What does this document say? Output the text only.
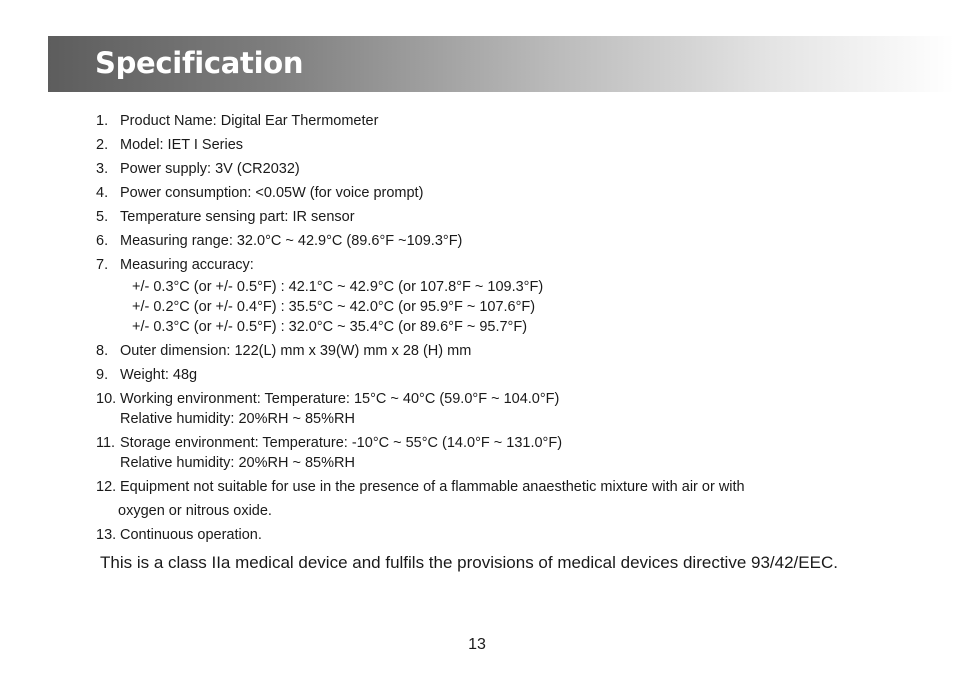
Specification
1. Product Name: Digital Ear Thermometer
2. Model: IET I Series
3. Power supply: 3V (CR2032)
4. Power consumption: <0.05W (for voice prompt)
5. Temperature sensing part: IR sensor
6. Measuring range: 32.0°C ~ 42.9°C (89.6°F ~109.3°F)
7. Measuring accuracy:
+/- 0.3°C (or +/- 0.5°F) : 42.1°C ~ 42.9°C (or 107.8°F ~ 109.3°F)
+/- 0.2°C (or +/- 0.4°F) : 35.5°C ~ 42.0°C (or 95.9°F ~ 107.6°F)
+/- 0.3°C (or +/- 0.5°F) : 32.0°C ~ 35.4°C (or 89.6°F ~ 95.7°F)
8. Outer dimension: 122(L) mm x 39(W) mm x 28 (H) mm
9. Weight: 48g
10. Working environment: Temperature: 15°C ~ 40°C (59.0°F ~ 104.0°F)
Relative humidity: 20%RH ~ 85%RH
11. Storage environment: Temperature: -10°C ~ 55°C (14.0°F ~ 131.0°F)
Relative humidity: 20%RH ~ 85%RH
12. Equipment not suitable for use in the presence of a flammable anaesthetic mixture with air or with
oxygen or nitrous oxide.
13. Continuous operation.

This is a class IIa medical device and fulfils the provisions of medical devices directive 93/42/EEC.

13
